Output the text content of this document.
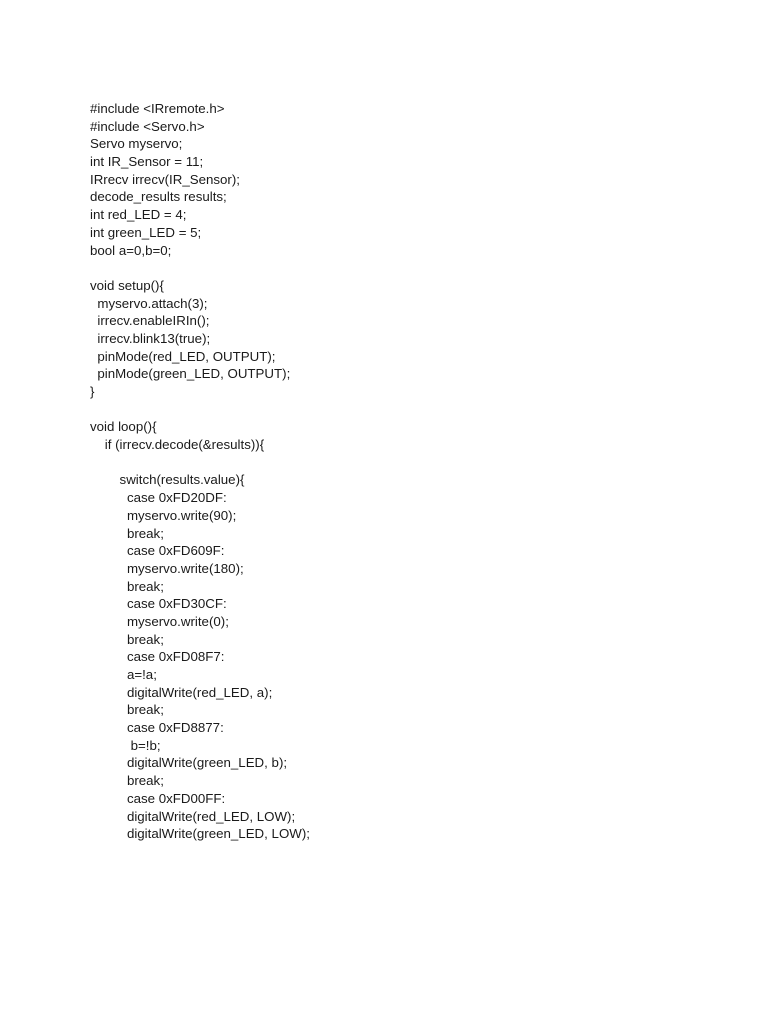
#include <IRremote.h>
#include <Servo.h>
Servo myservo;
int IR_Sensor = 11;
IRrecv irrecv(IR_Sensor);
decode_results results;
int red_LED = 4;
int green_LED = 5;
bool a=0,b=0;
void setup(){
myservo.attach(3);
irrecv.enableIRIn();
irrecv.blink13(true);
pinMode(red_LED, OUTPUT);
pinMode(green_LED, OUTPUT);
}
void loop(){
if (irrecv.decode(&results)){
switch(results.value){
case 0xFD20DF:
myservo.write(90);
break;
case 0xFD609F:
myservo.write(180);
break;
case 0xFD30CF:
myservo.write(0);
break;
case 0xFD08F7:
a=!a;
digitalWrite(red_LED, a);
break;
case 0xFD8877:
b=!b;
digitalWrite(green_LED, b);
break;
case 0xFD00FF:
digitalWrite(red_LED, LOW);
digitalWrite(green_LED, LOW);
